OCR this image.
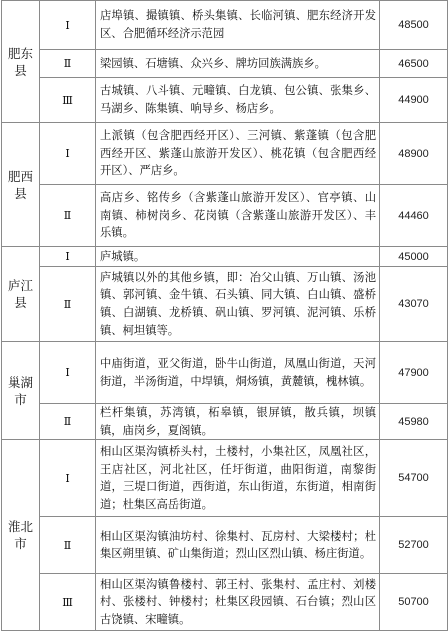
肥东县	Ⅰ	店埠镇、撮镇镇、桥头集镇、长临河镇、肥东经济开发区、合肥循环经济示范园	48500
	Ⅱ	梁园镇、石塘镇、众兴乡、牌坊回族满族乡。	46500
	Ⅲ	古城镇、八斗镇、元疃镇、白龙镇、包公镇、张集乡、马湖乡、陈集镇、响导乡、杨店乡。	44900
肥西县	Ⅰ	上派镇（包含肥西经开区）、三河镇、紫蓬镇（包含肥西经开区、紫蓬山旅游开发区）、桃花镇（包含肥西经开区）、严店乡。	48900
	Ⅱ	高店乡、铭传乡（含紫蓬山旅游开发区）、官亭镇、山南镇、柿树岗乡、花岗镇（含紫蓬山旅游开发区）、丰乐镇。	44460
庐江县	Ⅰ	庐城镇。	45000
	Ⅱ	庐城镇以外的其他乡镇，即：冶父山镇、万山镇、汤池镇、郭河镇、金牛镇、石头镇、同大镇、白山镇、盛桥镇、白湖镇、龙桥镇、矾山镇、罗河镇、泥河镇、乐桥镇、柯坦镇等。	43070
巢湖市	Ⅰ	中庙街道，亚父街道，卧牛山街道，凤凰山街道，天河街道，半汤街道，中垾镇，烔炀镇，黄麓镇，槐林镇。	47900
	Ⅱ	栏杆集镇，苏湾镇，柘皋镇，银屏镇，散兵镇，坝镇镇，庙岗乡，夏阁镇。	45980
淮北市	Ⅰ	相山区渠沟镇桥头村，土楼村，小集社区，凤凰社区，王店社区，河北社区，任圩街道，曲阳街道，南黎街道，三堤口街道，西街道，东山街道，东街道，相南街道；杜集区高岳街道。	54700
	Ⅱ	相山区渠沟镇油坊村、徐集村、瓦房村、大梁楼村；杜集区朔里镇、矿山集街道；烈山区烈山镇、杨庄街道。	52700
	Ⅲ	相山区渠沟镇鲁楼村、郭王村、张集村、孟庄村、刘楼村、张楼村、钟楼村；杜集区段园镇、石台镇；烈山区古饶镇、宋疃镇。	50700
